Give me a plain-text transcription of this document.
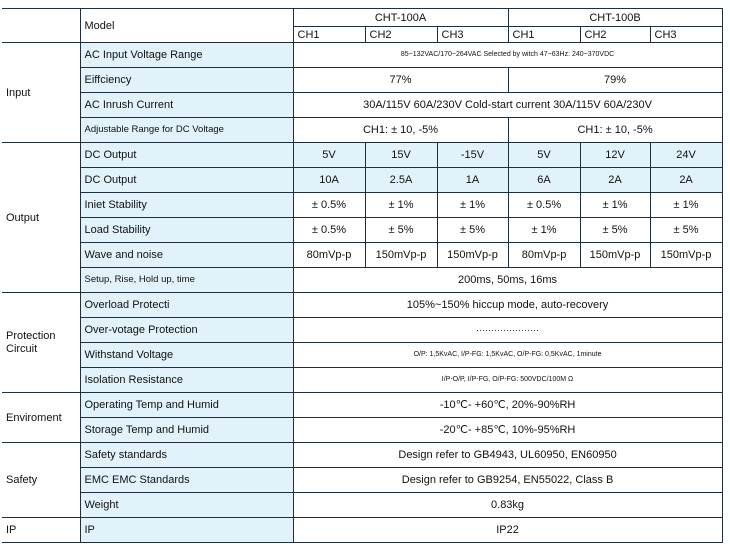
	Model	CHT-100A			CHT-100B		
		CH1	CH2	CH3	CH1	CH2	CH3
Input	AC Input Voltage Range	85~132VAC/170~264VAC Selected by witch 47~63Hz: 240~370VDC					
	Eiffciency	77%			79%		
	AC Inrush Current	30A/115V 60A/230V Cold-start current 30A/115V 60A/230V					
	Adjustable Range for DC Voltage	CH1: ± 10, -5%			CH1: ± 10, -5%		
Output	DC Output	5V	15V	-15V	5V	12V	24V
	DC Output	10A	2.5A	1A	6A	2A	2A
	Iniet Stability	± 0.5%	± 1%	± 1%	± 0.5%	± 1%	± 1%
	Load Stability	± 0.5%	± 5%	± 5%	± 1%	± 5%	± 5%
	Wave and noise	80mVp-p	150mVp-p	150mVp-p	80mVp-p	150mVp-p	150mVp-p
	Setup, Rise, Hold up, time	200ms, 50ms, 16ms					
Protection Circuit	Overload Protecti	105%~150% hiccup mode, auto-recovery					
	Over-votage Protection	·····················					
	Withstand Voltage	O/P: 1,5KvAC, I/P-FG: 1,5KvAC, O/P-FG: 0,5KvAC, 1minute					
	Isolation Resistance	I/P-O/P, I/P-FG, O/P-FG: 500VDC/100M Ω					
Enviroment	Operating Temp and Humid	-10℃- +60℃, 20%-90%RH					
	Storage Temp and Humid	-20℃- +85℃, 10%-95%RH					
Safety	Safety standards	Design refer to GB4943, UL60950, EN60950					
	EMC EMC Standards	Design refer to GB9254, EN55022, Class B					
	Weight	0.83kg					
IP	IP	IP22					
